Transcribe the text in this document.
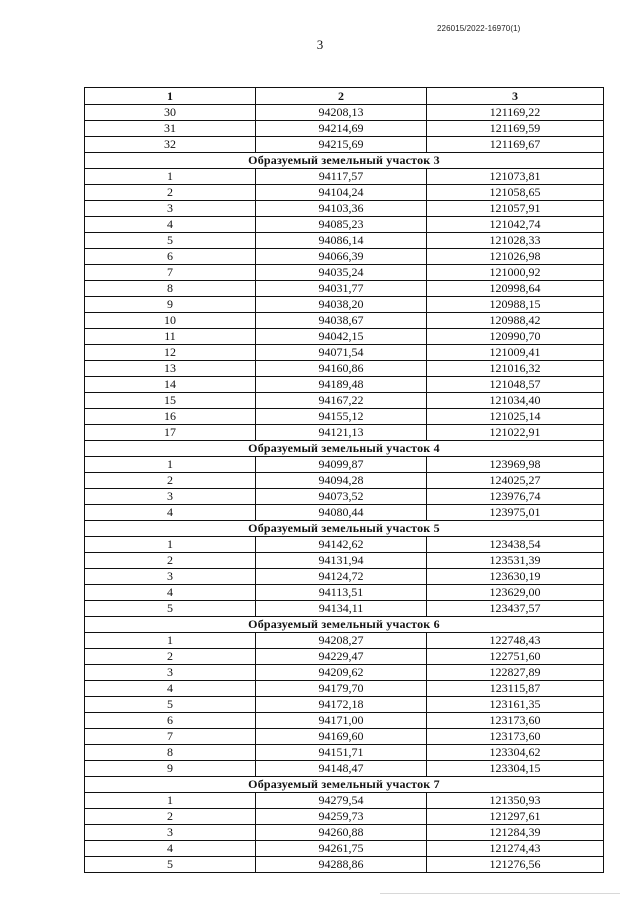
226015/2022-16970(1)
3
1	2	3
30	94208,13	121169,22
31	94214,69	121169,59
32	94215,69	121169,67
Образуемый земельный участок 3		
1	94117,57	121073,81
2	94104,24	121058,65
3	94103,36	121057,91
4	94085,23	121042,74
5	94086,14	121028,33
6	94066,39	121026,98
7	94035,24	121000,92
8	94031,77	120998,64
9	94038,20	120988,15
10	94038,67	120988,42
11	94042,15	120990,70
12	94071,54	121009,41
13	94160,86	121016,32
14	94189,48	121048,57
15	94167,22	121034,40
16	94155,12	121025,14
17	94121,13	121022,91
Образуемый земельный участок 4		
1	94099,87	123969,98
2	94094,28	124025,27
3	94073,52	123976,74
4	94080,44	123975,01
Образуемый земельный участок 5		
1	94142,62	123438,54
2	94131,94	123531,39
3	94124,72	123630,19
4	94113,51	123629,00
5	94134,11	123437,57
Образуемый земельный участок 6		
1	94208,27	122748,43
2	94229,47	122751,60
3	94209,62	122827,89
4	94179,70	123115,87
5	94172,18	123161,35
6	94171,00	123173,60
7	94169,60	123173,60
8	94151,71	123304,62
9	94148,47	123304,15
Образуемый земельный участок 7		
1	94279,54	121350,93
2	94259,73	121297,61
3	94260,88	121284,39
4	94261,75	121274,43
5	94288,86	121276,56
